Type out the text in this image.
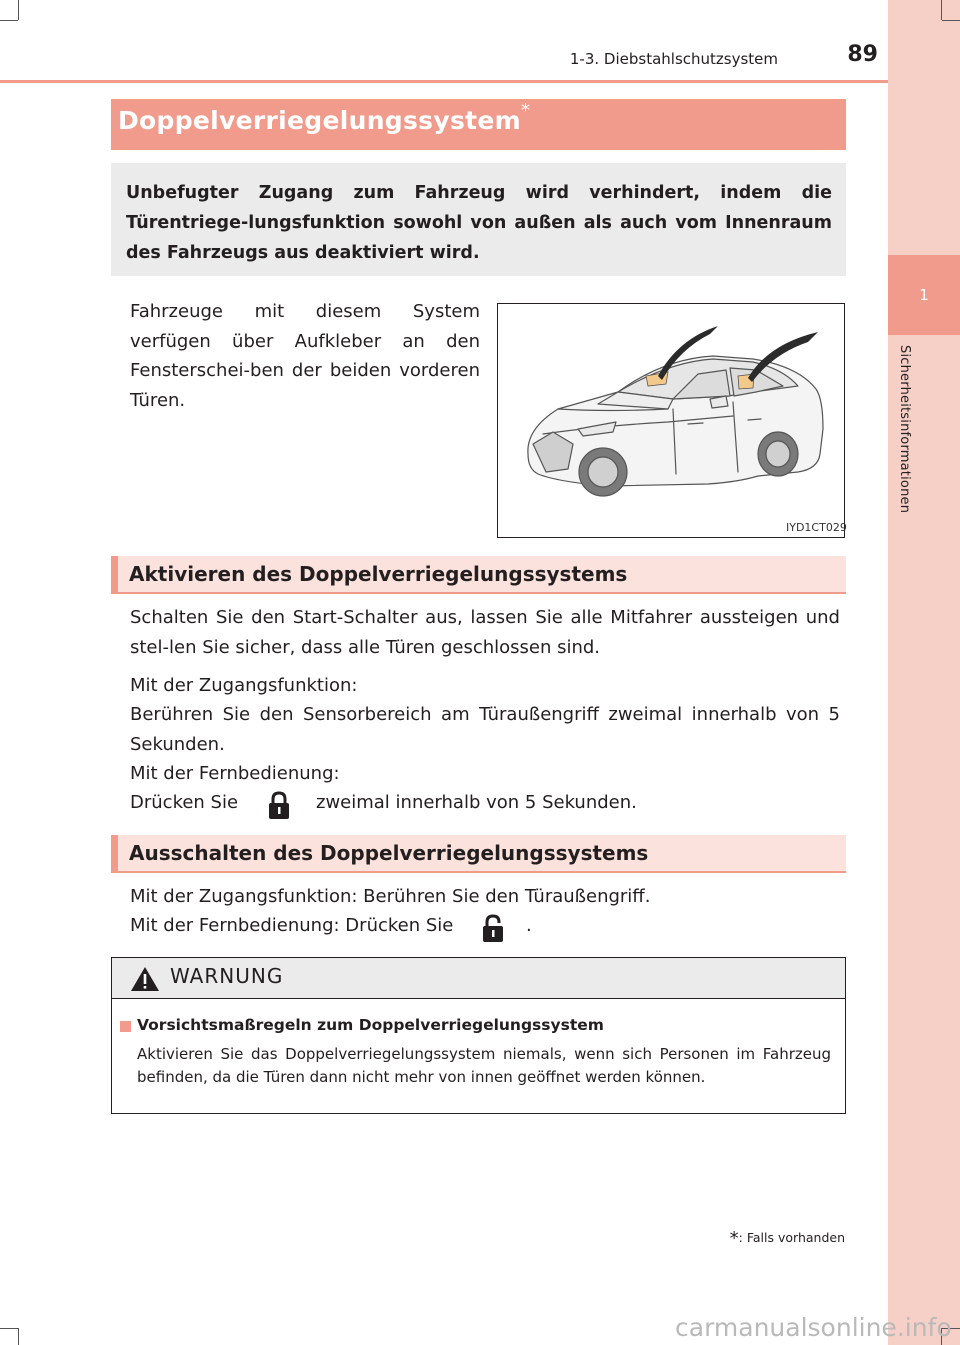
1
Sicherheitsinformationen
1-3. Diebstahlschutzsystem	89
Doppelverriegelungssystem*
Unbefugter Zugang zum Fahrzeug wird verhindert, indem die Türentriege-lungsfunktion sowohl von außen als auch vom Innenraum des Fahrzeugs aus deaktiviert wird.
Fahrzeuge mit diesem System verfügen über Aufkleber an den Fensterschei-ben der beiden vorderen Türen.
IYD1CT029
Aktivieren des Doppelverriegelungssystems
Schalten Sie den Start-Schalter aus, lassen Sie alle Mitfahrer aussteigen und stel-len Sie sicher, dass alle Türen geschlossen sind.
Mit der Zugangsfunktion:
Berühren Sie den Sensorbereich am Türaußengriff zweimal innerhalb von 5 Sekunden.
Mit der Fernbedienung:
Drücken Sie	zweimal innerhalb von 5 Sekunden.
Ausschalten des Doppelverriegelungssystems
Mit der Zugangsfunktion: Berühren Sie den Türaußengriff.
Mit der Fernbedienung: Drücken Sie	.
WARNUNG
Vorsichtsmaßregeln zum Doppelverriegelungssystem
Aktivieren Sie das Doppelverriegelungssystem niemals, wenn sich Personen im Fahrzeug befinden, da die Türen dann nicht mehr von innen geöffnet werden können.
*: Falls vorhanden
carmanualsonline.info
